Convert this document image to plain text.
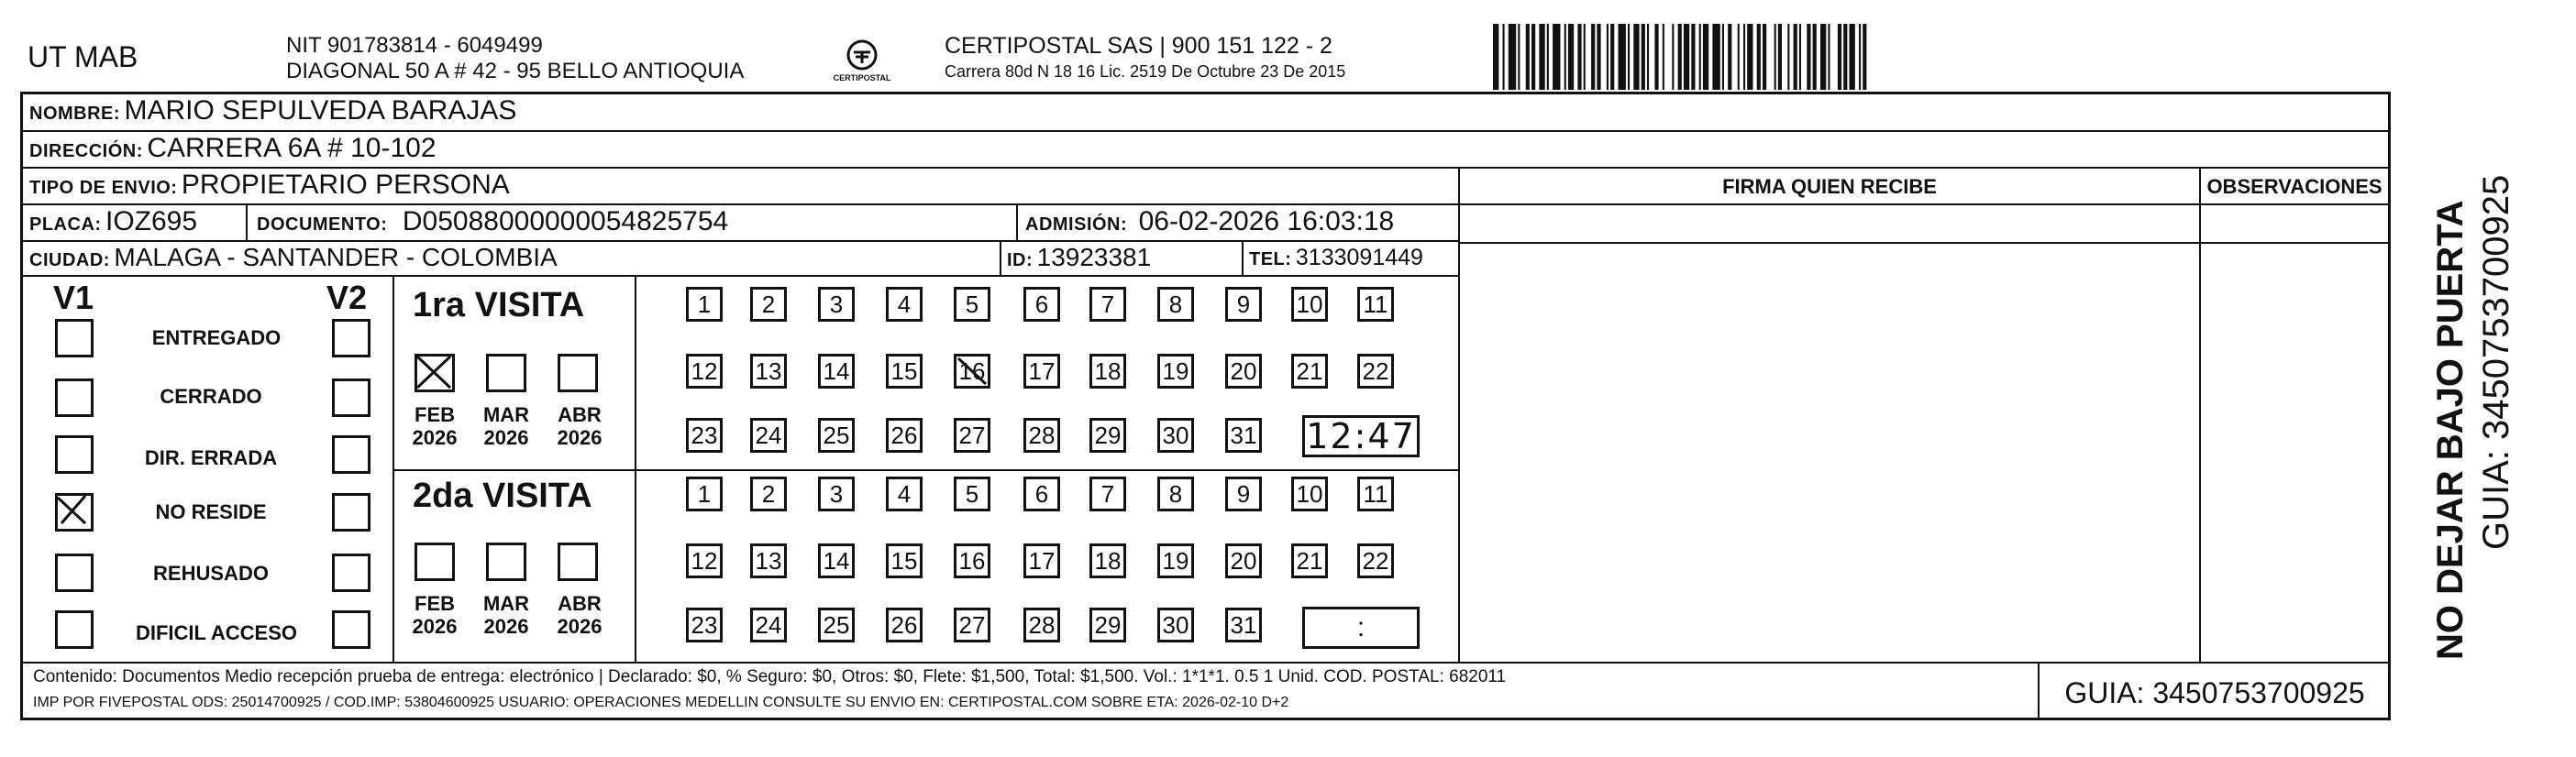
UT MAB	NIT 901783814 - 6049499
DIAGONAL 50 A # 42 - 95 BELLO ANTIOQUIA	CERTIPOSTAL
CERTIPOSTAL SAS | 900 151 122 - 2
Carrera 80d N 18 16 Lic. 2519 De Octubre 23 De 2015
NOMBRE: MARIO SEPULVEDA BARAJAS
DIRECCIÓN: CARRERA 6A # 10-102
TIPO DE ENVIO: PROPIETARIO PERSONA
PLACA: IOZ695	DOCUMENTO: D05088000000054825754	ADMISIÓN: 06-02-2026 16:03:18
CIUDAD: MALAGA - SANTANDER - COLOMBIA	ID: 13923381	TEL: 3133091449
FIRMA QUIEN RECIBE	OBSERVACIONES
V1	V2
ENTREGADO
CERRADO
DIR. ERRADA
NO RESIDE
REHUSADO
DIFICIL ACCESO
1ra VISITA
FEB
2026
MAR
2026
ABR
2026
1	2	3	4	5	6	7	8	9	10 11
12 13 14 15 16 17 18 19 20 21 22
23 24 25 26 27 28 29 30 31 12:47
2da VISITA
FEB
2026
MAR
2026
ABR
2026
1	2	3	4	5	6	7	8	9	10 11
12 13 14 15 16 17 18 19 20 21 22
23 24 25 26 27 28 29 30 31	:
Contenido: Documentos Medio recepción prueba de entrega: electrónico | Declarado: $0, % Seguro: $0, Otros: $0, Flete: $1,500, Total: $1,500. Vol.: 1*1*1. 0.5 1 Unid. COD. POSTAL: 682011
IMP POR FIVEPOSTAL ODS: 25014700925 / COD.IMP: 53804600925 USUARIO: OPERACIONES MEDELLIN CONSULTE SU ENVIO EN: CERTIPOSTAL.COM SOBRE ETA: 2026-02-10 D+2	GUIA: 3450753700925
NO DEJAR BAJO PUERTA GUIA: 3450753700925
